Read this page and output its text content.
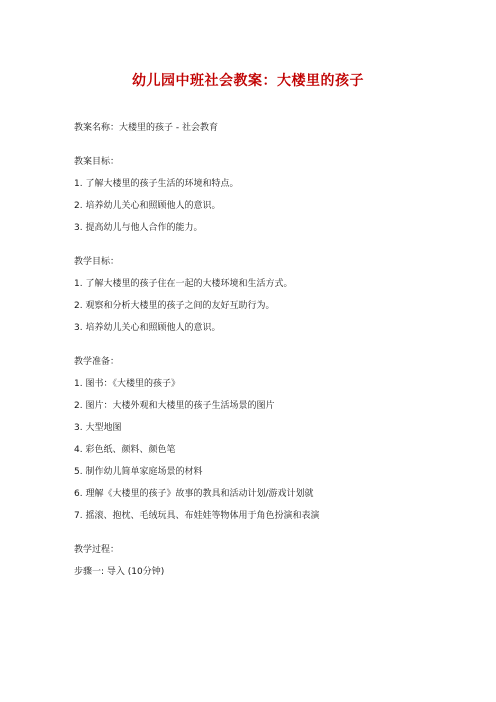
幼儿园中班社会教案：大楼里的孩子
教案名称：大楼里的孩子 - 社会教育
教案目标：
1. 了解大楼里的孩子生活的环境和特点。
2. 培养幼儿关心和照顾他人的意识。
3. 提高幼儿与他人合作的能力。
教学目标：
1. 了解大楼里的孩子住在一起的大楼环境和生活方式。
2. 观察和分析大楼里的孩子之间的友好互助行为。
3. 培养幼儿关心和照顾他人的意识。
教学准备：
1. 图书：《大楼里的孩子》
2. 图片：大楼外观和大楼里的孩子生活场景的图片
3. 大型地图
4. 彩色纸、颜料、颜色笔
5. 制作幼儿简单家庭场景的材料
6. 理解《大楼里的孩子》故事的教具和活动计划/游戏计划就
7. 摇滚、抱枕、毛绒玩具、布娃娃等物体用于角色扮演和表演
教学过程：
步骤一: 导入 (10分钟)
